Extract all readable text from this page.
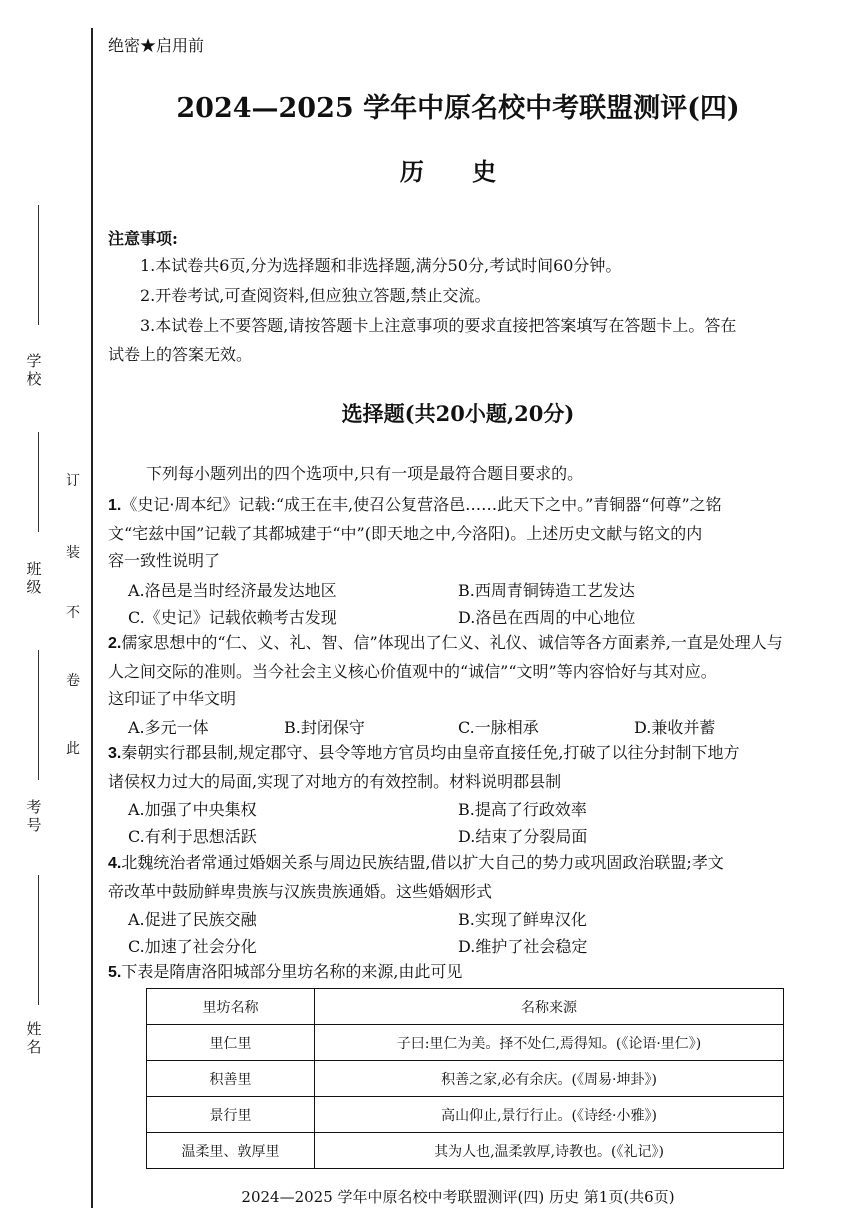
学校
班级
考号
姓名
订
装
不
卷
此
绝密★启用前
2024—2025 学年中原名校中考联盟测评(四)
历 史
注意事项:
1.本试卷共6页,分为选择题和非选择题,满分50分,考试时间60分钟。
2.开卷考试,可查阅资料,但应独立答题,禁止交流。
3.本试卷上不要答题,请按答题卡上注意事项的要求直接把答案填写在答题卡上。答在
试卷上的答案无效。
选择题(共20小题,20分)
下列每小题列出的四个选项中,只有一项是最符合题目要求的。
1.《史记·周本纪》记载:“成王在丰,使召公复营洛邑……此天下之中。”青铜器“何尊”之铭
文“宅兹中国”记载了其都城建于“中”(即天地之中,今洛阳)。上述历史文献与铭文的内
容一致性说明了
A.洛邑是当时经济最发达地区	B.西周青铜铸造工艺发达
C.《史记》记载依赖考古发现	D.洛邑在西周的中心地位
2.儒家思想中的“仁、义、礼、智、信”体现出了仁义、礼仪、诚信等各方面素养,一直是处理人与
人之间交际的准则。当今社会主义核心价值观中的“诚信”“文明”等内容恰好与其对应。
这印证了中华文明
A.多元一体	B.封闭保守	C.一脉相承	D.兼收并蓄
3.秦朝实行郡县制,规定郡守、县令等地方官员均由皇帝直接任免,打破了以往分封制下地方
诸侯权力过大的局面,实现了对地方的有效控制。材料说明郡县制
A.加强了中央集权	B.提高了行政效率
C.有利于思想活跃	D.结束了分裂局面
4.北魏统治者常通过婚姻关系与周边民族结盟,借以扩大自己的势力或巩固政治联盟;孝文
帝改革中鼓励鲜卑贵族与汉族贵族通婚。这些婚姻形式
A.促进了民族交融	B.实现了鲜卑汉化
C.加速了社会分化	D.维护了社会稳定
5.下表是隋唐洛阳城部分里坊名称的来源,由此可见
里坊名称	名称来源
里仁里	子曰:里仁为美。择不处仁,焉得知。(《论语·里仁》)
积善里	积善之家,必有余庆。(《周易·坤卦》)
景行里	高山仰止,景行行止。(《诗经·小雅》)
温柔里、敦厚里	其为人也,温柔敦厚,诗教也。(《礼记》)
2024—2025 学年中原名校中考联盟测评(四) 历史 第1页(共6页)
